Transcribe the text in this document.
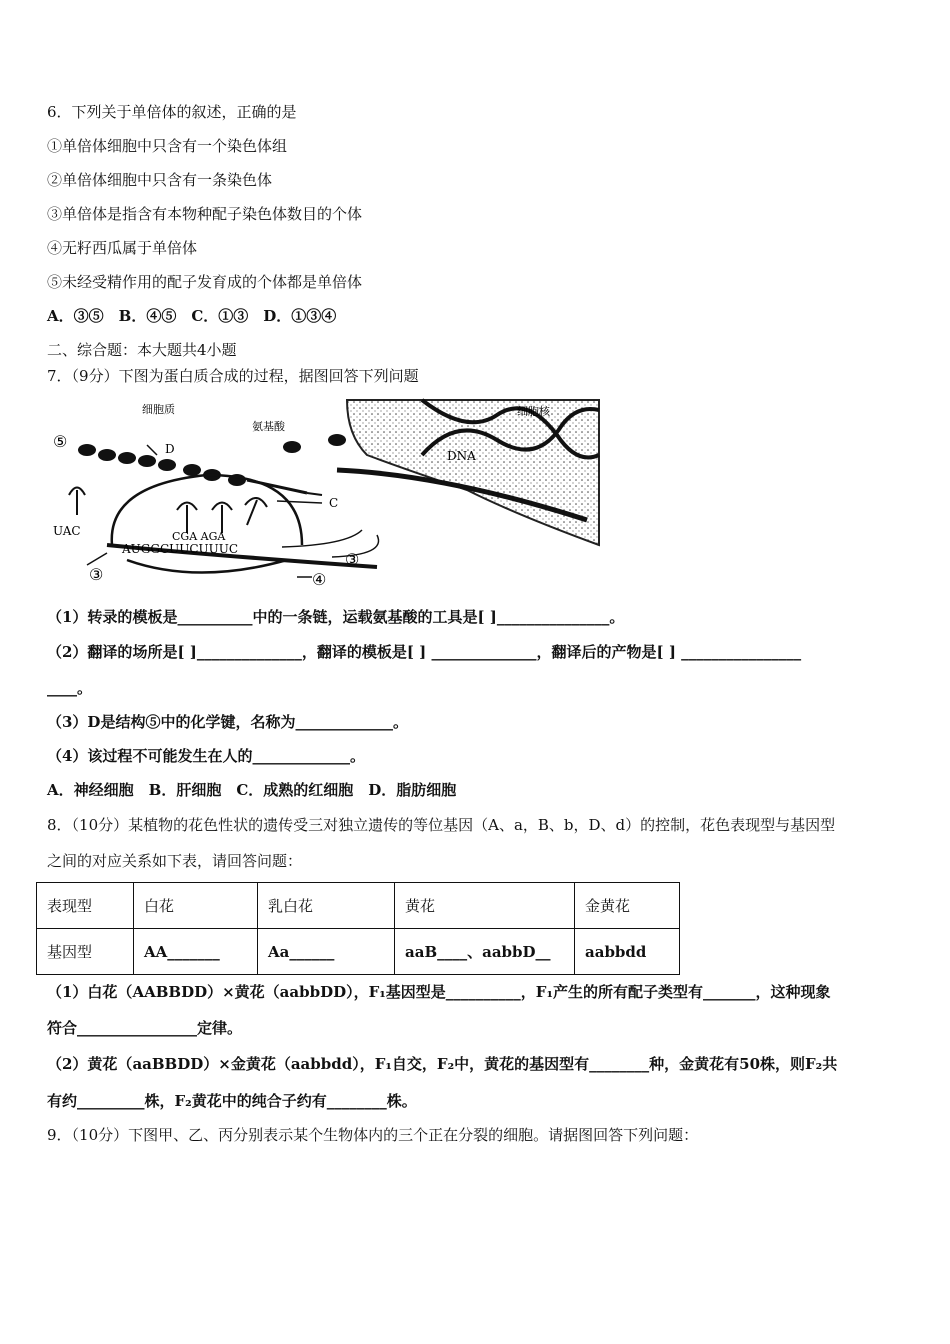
6．下列关于单倍体的叙述，正确的是
①单倍体细胞中只含有一个染色体组
②单倍体细胞中只含有一条染色体
③单倍体是指含有本物种配子染色体数目的个体
④无籽西瓜属于单倍体
⑤未经受精作用的配子发育成的个体都是单倍体
A．③⑤　B．④⑤　C．①③　D．①③④
二、综合题：本大题共4小题
7．（9分）下图为蛋白质合成的过程，据图回答下列问题
细胞质
氨基酸
细胞核
DNA
D
C
UAC	CGA AGA
AUGGCUUCUUUC
⑤
③
③	④
（1）转录的模板是__________中的一条链，运载氨基酸的工具是[ ]_______________。
（2）翻译的场所是[ ]______________，翻译的模板是[ ] ______________，翻译后的产物是[ ] ________________
____。
（3）D是结构⑤中的化学键，名称为_____________。
（4）该过程不可能发生在人的_____________。
A．神经细胞　B．肝细胞　C．成熟的红细胞　D．脂肪细胞
8．（10分）某植物的花色性状的遗传受三对独立遗传的等位基因（A、a，B、b，D、d）的控制，花色表现型与基因型
之间的对应关系如下表，请回答问题：
表现型	白花	乳白花	黄花	金黄花
基因型	AA_______	Aa______	aaB____、aabbD__	aabbdd
（1）白花（AABBDD）×黄花（aabbDD），F₁基因型是__________，F₁产生的所有配子类型有_______，这种现象
符合________________定律。
（2）黄花（aaBBDD）×金黄花（aabbdd），F₁自交，F₂中，黄花的基因型有________种，金黄花有50株，则F₂共
有约_________株，F₂黄花中的纯合子约有________株。
9．（10分）下图甲、乙、丙分别表示某个生物体内的三个正在分裂的细胞。请据图回答下列问题：
